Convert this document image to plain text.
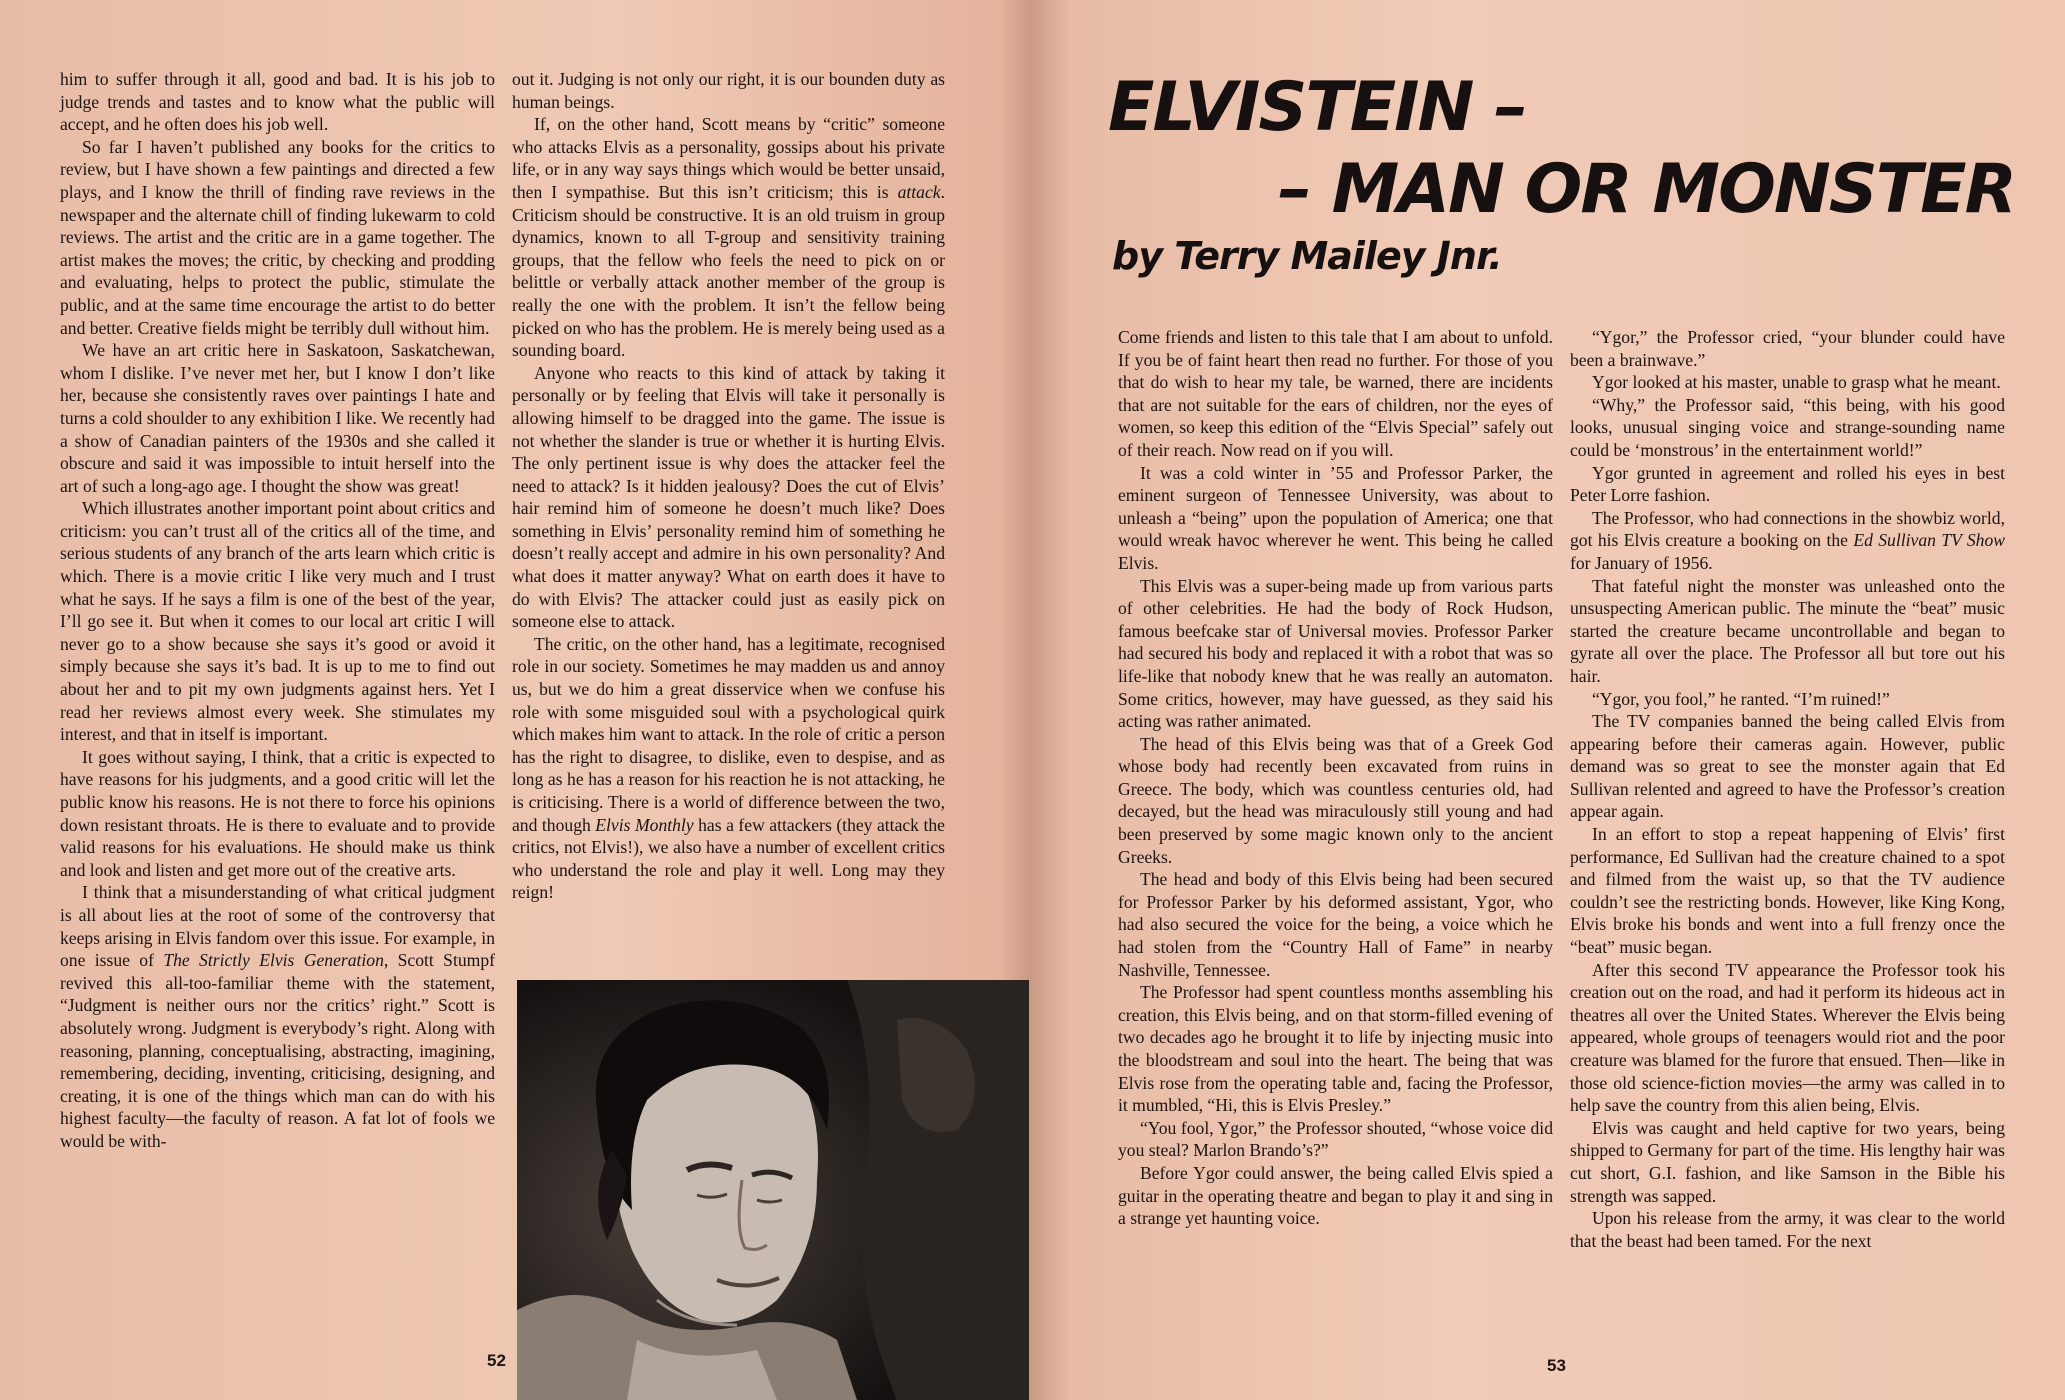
him to suffer through it all, good and bad. It is his job to judge trends and tastes and to know what the public will accept, and he often does his job well.

So far I haven’t published any books for the critics to review, but I have shown a few paintings and directed a few plays, and I know the thrill of finding rave reviews in the newspaper and the alternate chill of finding lukewarm to cold reviews. The artist and the critic are in a game together. The artist makes the moves; the critic, by checking and prodding and evaluating, helps to protect the public, stimulate the public, and at the same time encourage the artist to do better and better. Creative fields might be terribly dull without him.

We have an art critic here in Saskatoon, Saskatchewan, whom I dislike. I’ve never met her, but I know I don’t like her, because she consistently raves over paintings I hate and turns a cold shoulder to any exhibition I like. We recently had a show of Canadian painters of the 1930s and she called it obscure and said it was impossible to intuit herself into the art of such a long-ago age. I thought the show was great!

Which illustrates another important point about critics and criticism: you can’t trust all of the critics all of the time, and serious students of any branch of the arts learn which critic is which. There is a movie critic I like very much and I trust what he says. If he says a film is one of the best of the year, I’ll go see it. But when it comes to our local art critic I will never go to a show because she says it’s good or avoid it simply because she says it’s bad. It is up to me to find out about her and to pit my own judgments against hers. Yet I read her reviews almost every week. She stimulates my interest, and that in itself is important.

It goes without saying, I think, that a critic is expected to have reasons for his judgments, and a good critic will let the public know his reasons. He is not there to force his opinions down resistant throats. He is there to evaluate and to provide valid reasons for his evaluations. He should make us think and look and listen and get more out of the creative arts.

I think that a misunderstanding of what critical judgment is all about lies at the root of some of the controversy that keeps arising in Elvis fandom over this issue. For example, in one issue of The Strictly Elvis Generation, Scott Stumpf revived this all-too-familiar theme with the statement, “Judgment is neither ours nor the critics’ right.” Scott is absolutely wrong. Judgment is everybody’s right. Along with reasoning, planning, conceptualising, abstracting, imagining, remembering, deciding, inventing, criticising, designing, and creating, it is one of the things which man can do with his highest faculty—the faculty of reason. A fat lot of fools we would be with-

out it. Judging is not only our right, it is our bounden duty as human beings.

If, on the other hand, Scott means by “critic” someone who attacks Elvis as a personality, gossips about his private life, or in any way says things which would be better unsaid, then I sympathise. But this isn’t criticism; this is attack. Criticism should be constructive. It is an old truism in group dynamics, known to all T-group and sensitivity training groups, that the fellow who feels the need to pick on or belittle or verbally attack another member of the group is really the one with the problem. It isn’t the fellow being picked on who has the problem. He is merely being used as a sounding board.

Anyone who reacts to this kind of attack by taking it personally or by feeling that Elvis will take it personally is allowing himself to be dragged into the game. The issue is not whether the slander is true or whether it is hurting Elvis. The only pertinent issue is why does the attacker feel the need to attack? Is it hidden jealousy? Does the cut of Elvis’ hair remind him of someone he doesn’t much like? Does something in Elvis’ personality remind him of something he doesn’t really accept and admire in his own personality? And what does it matter anyway? What on earth does it have to do with Elvis? The attacker could just as easily pick on someone else to attack.

The critic, on the other hand, has a legitimate, recognised role in our society. Sometimes he may madden us and annoy us, but we do him a great disservice when we confuse his role with some misguided soul with a psychological quirk which makes him want to attack. In the role of critic a person has the right to disagree, to dislike, even to despise, and as long as he has a reason for his reaction he is not attacking, he is criticising. There is a world of difference between the two, and though Elvis Monthly has a few attackers (they attack the critics, not Elvis!), we also have a number of excellent critics who understand the role and play it well. Long may they reign!

52
ELVISTEIN –
– MAN OR MONSTER
by Terry Mailey Jnr.

Come friends and listen to this tale that I am about to unfold. If you be of faint heart then read no further. For those of you that do wish to hear my tale, be warned, there are incidents that are not suitable for the ears of children, nor the eyes of women, so keep this edition of the “Elvis Special” safely out of their reach. Now read on if you will.

It was a cold winter in ’55 and Professor Parker, the eminent surgeon of Tennessee University, was about to unleash a “being” upon the population of America; one that would wreak havoc wherever he went. This being he called Elvis.

This Elvis was a super-being made up from various parts of other celebrities. He had the body of Rock Hudson, famous beefcake star of Universal movies. Professor Parker had secured his body and replaced it with a robot that was so life-like that nobody knew that he was really an automaton. Some critics, however, may have guessed, as they said his acting was rather animated.

The head of this Elvis being was that of a Greek God whose body had recently been excavated from ruins in Greece. The body, which was countless centuries old, had decayed, but the head was miraculously still young and had been preserved by some magic known only to the ancient Greeks.

The head and body of this Elvis being had been secured for Professor Parker by his deformed assistant, Ygor, who had also secured the voice for the being, a voice which he had stolen from the “Country Hall of Fame” in nearby Nashville, Tennessee.

The Professor had spent countless months assembling his creation, this Elvis being, and on that storm-filled evening of two decades ago he brought it to life by injecting music into the bloodstream and soul into the heart. The being that was Elvis rose from the operating table and, facing the Professor, it mumbled, “Hi, this is Elvis Presley.”

“You fool, Ygor,” the Professor shouted, “whose voice did you steal? Marlon Brando’s?”

Before Ygor could answer, the being called Elvis spied a guitar in the operating theatre and began to play it and sing in a strange yet haunting voice.

“Ygor,” the Professor cried, “your blunder could have been a brainwave.”

Ygor looked at his master, unable to grasp what he meant.

“Why,” the Professor said, “this being, with his good looks, unusual singing voice and strange-sounding name could be ‘monstrous’ in the entertainment world!”

Ygor grunted in agreement and rolled his eyes in best Peter Lorre fashion.

The Professor, who had connections in the showbiz world, got his Elvis creature a booking on the Ed Sullivan TV Show for January of 1956.

That fateful night the monster was unleashed onto the unsuspecting American public. The minute the “beat” music started the creature became uncontrollable and began to gyrate all over the place. The Professor all but tore out his hair.

“Ygor, you fool,” he ranted. “I’m ruined!”

The TV companies banned the being called Elvis from appearing before their cameras again. However, public demand was so great to see the monster again that Ed Sullivan relented and agreed to have the Professor’s creation appear again.

In an effort to stop a repeat happening of Elvis’ first performance, Ed Sullivan had the creature chained to a spot and filmed from the waist up, so that the TV audience couldn’t see the restricting bonds. However, like King Kong, Elvis broke his bonds and went into a full frenzy once the “beat” music began.

After this second TV appearance the Professor took his creation out on the road, and had it perform its hideous act in theatres all over the United States. Wherever the Elvis being appeared, whole groups of teenagers would riot and the poor creature was blamed for the furore that ensued. Then—like in those old science-fiction movies—the army was called in to help save the country from this alien being, Elvis.

Elvis was caught and held captive for two years, being shipped to Germany for part of the time. His lengthy hair was cut short, G.I. fashion, and like Samson in the Bible his strength was sapped.

Upon his release from the army, it was clear to the world that the beast had been tamed. For the next

53
